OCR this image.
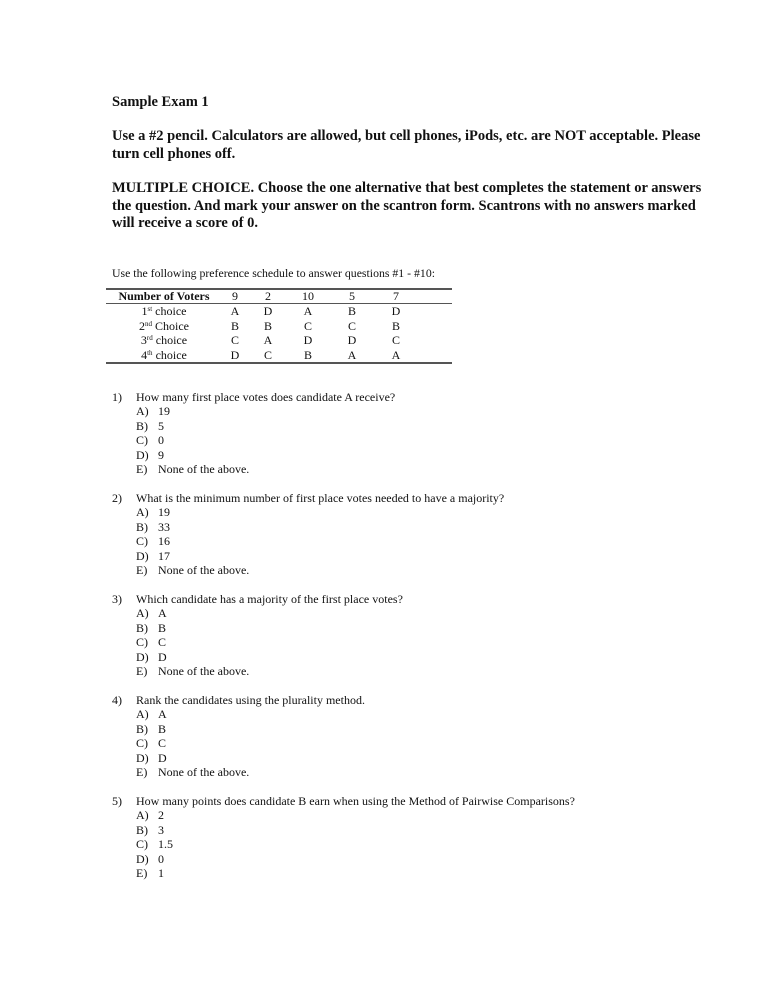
Sample Exam 1
Use a #2 pencil. Calculators are allowed, but cell phones, iPods, etc. are NOT acceptable. Please turn cell phones off.
MULTIPLE CHOICE. Choose the one alternative that best completes the statement or answers the question. And mark your answer on the scantron form. Scantrons with no answers marked will receive a score of 0.
Use the following preference schedule to answer questions #1 - #10:
Number of Voters	9	2	10	5	7
1st choice	A	D	A	B	D
2nd Choice	B	B	C	C	B
3rd choice	C	A	D	D	C
4th choice	D	C	B	A	A
1) How many first place votes does candidate A receive?
A) 19
B) 5
C) 0
D) 9
E) None of the above.
2) What is the minimum number of first place votes needed to have a majority?
A) 19
B) 33
C) 16
D) 17
E) None of the above.
3) Which candidate has a majority of the first place votes?
A) A
B) B
C) C
D) D
E) None of the above.
4) Rank the candidates using the plurality method.
A) A
B) B
C) C
D) D
E) None of the above.
5) How many points does candidate B earn when using the Method of Pairwise Comparisons?
A) 2
B) 3
C) 1.5
D) 0
E) 1
